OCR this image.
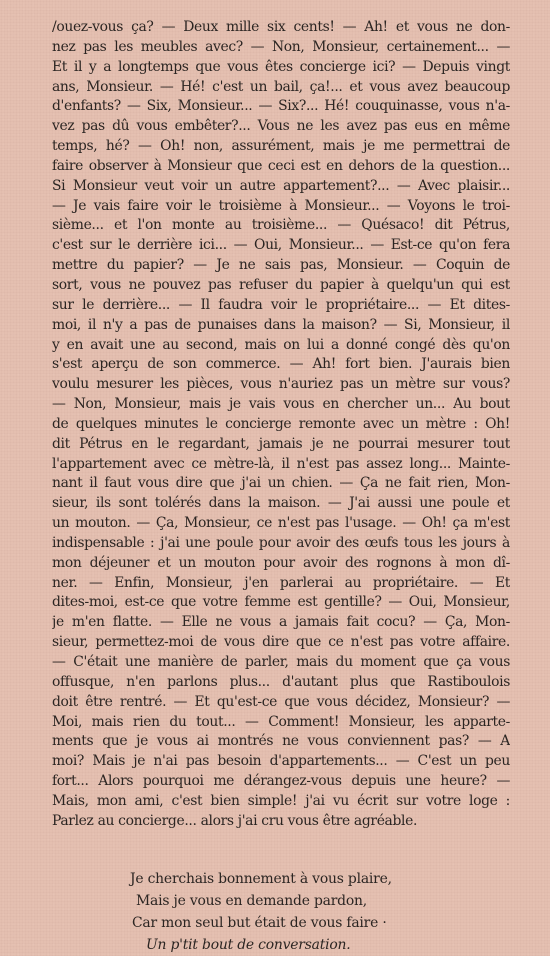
/ouez-vous ça? — Deux mille six cents! — Ah! et vous ne don-
nez pas les meubles avec? — Non, Monsieur, certainement... —
Et il y a longtemps que vous êtes concierge ici? — Depuis vingt
ans, Monsieur. — Hé! c'est un bail, ça!... et vous avez beaucoup
d'enfants? — Six, Monsieur... — Six?... Hé! couquinasse, vous n'a-
vez pas dû vous embêter?... Vous ne les avez pas eus en même
temps, hé? — Oh! non, assurément, mais je me permettrai de
faire observer à Monsieur que ceci est en dehors de la question...
Si Monsieur veut voir un autre appartement?... — Avec plaisir...
— Je vais faire voir le troisième à Monsieur... — Voyons le troi-
sième... et l'on monte au troisième... — Quésaco! dit Pétrus,
c'est sur le derrière ici... — Oui, Monsieur... — Est-ce qu'on fera
mettre du papier? — Je ne sais pas, Monsieur. — Coquin de
sort, vous ne pouvez pas refuser du papier à quelqu'un qui est
sur le derrière... — Il faudra voir le propriétaire... — Et dites-
moi, il n'y a pas de punaises dans la maison? — Si, Monsieur, il
y en avait une au second, mais on lui a donné congé dès qu'on
s'est aperçu de son commerce. — Ah! fort bien. J'aurais bien
voulu mesurer les pièces, vous n'auriez pas un mètre sur vous?
— Non, Monsieur, mais je vais vous en chercher un... Au bout
de quelques minutes le concierge remonte avec un mètre : Oh!
dit Pétrus en le regardant, jamais je ne pourrai mesurer tout
l'appartement avec ce mètre-là, il n'est pas assez long... Mainte-
nant il faut vous dire que j'ai un chien. — Ça ne fait rien, Mon-
sieur, ils sont tolérés dans la maison. — J'ai aussi une poule et
un mouton. — Ça, Monsieur, ce n'est pas l'usage. — Oh! ça m'est
indispensable : j'ai une poule pour avoir des œufs tous les jours à
mon déjeuner et un mouton pour avoir des rognons à mon dî-
ner. — Enfin, Monsieur, j'en parlerai au propriétaire. — Et
dites-moi, est-ce que votre femme est gentille? — Oui, Monsieur,
je m'en flatte. — Elle ne vous a jamais fait cocu? — Ça, Mon-
sieur, permettez-moi de vous dire que ce n'est pas votre affaire.
— C'était une manière de parler, mais du moment que ça vous
offusque, n'en parlons plus... d'autant plus que Rastiboulois
doit être rentré. — Et qu'est-ce que vous décidez, Monsieur? —
Moi, mais rien du tout... — Comment! Monsieur, les apparte-
ments que je vous ai montrés ne vous conviennent pas? — A
moi? Mais je n'ai pas besoin d'appartements... — C'est un peu
fort... Alors pourquoi me dérangez-vous depuis une heure? —
Mais, mon ami, c'est bien simple! j'ai vu écrit sur votre loge :
Parlez au concierge... alors j'ai cru vous être agréable.
Je cherchais bonnement à vous plaire,
Mais je vous en demande pardon,
Car mon seul but était de vous faire ·
Un p'tit bout de conversation.
